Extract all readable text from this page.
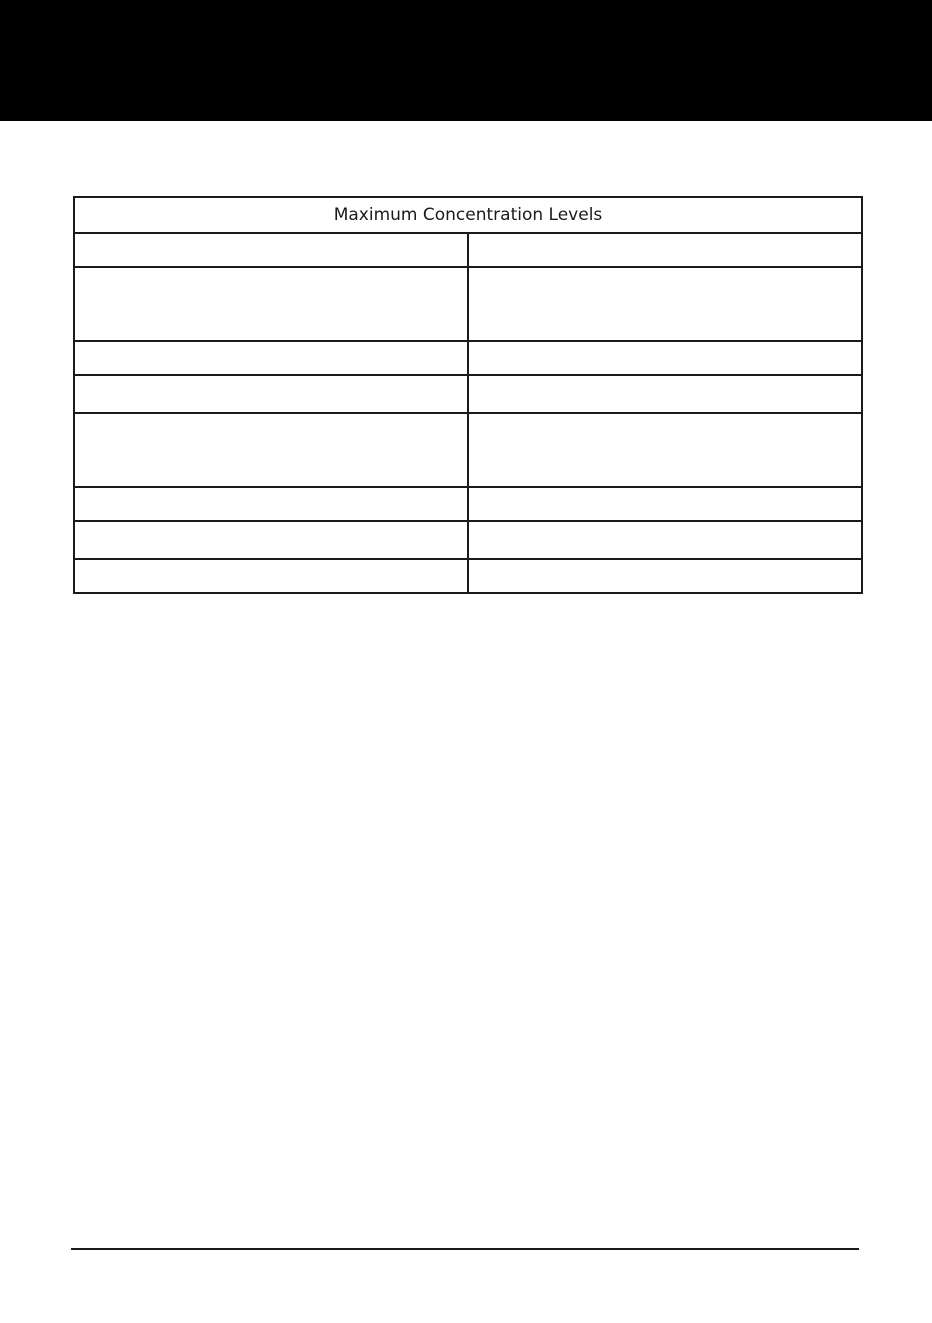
Maximum Concentration Levels	
